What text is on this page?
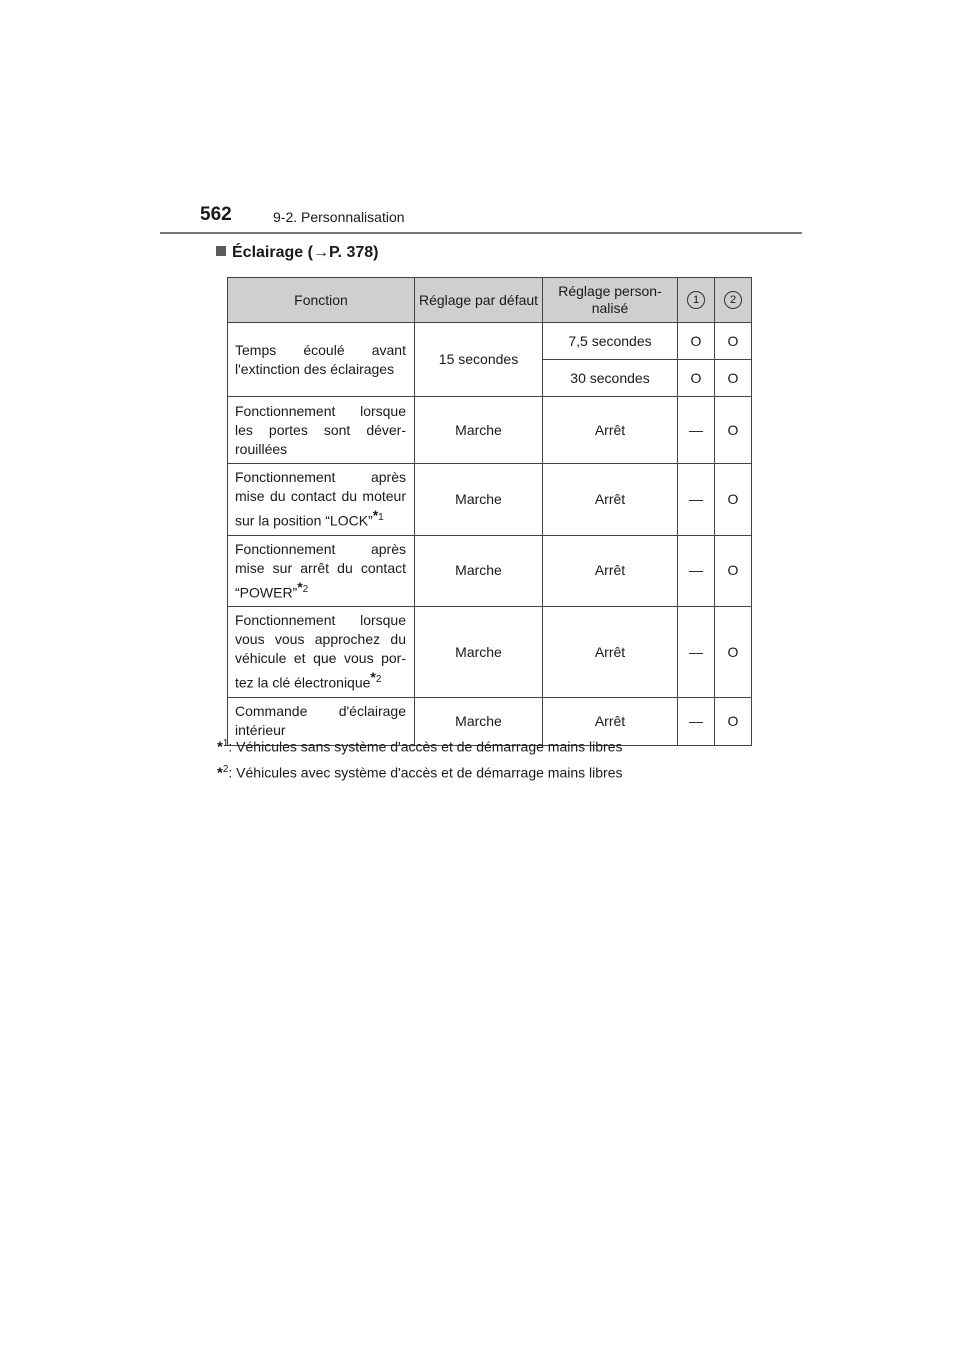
562	9-2. Personnalisation
Éclairage (→P. 378)
Fonction	Réglage par défaut	Réglage person-nalisé	1	2
Temps écoulé avant l'extinction des éclairages	15 secondes	7,5 secondes	O	O
		30 secondes	O	O
Fonctionnement lorsque les portes sont déver-rouillées	Marche	Arrêt	—	O
Fonctionnement après mise du contact du moteur sur la position “LOCK”$^{*1}$	Marche	Arrêt	—	O
Fonctionnement après mise sur arrêt du contact “POWER”$^{*2}$	Marche	Arrêt	—	O
Fonctionnement lorsque vous vous approchez du véhicule et que vous por-tez la clé électronique$^{*2}$	Marche	Arrêt	—	O
Commande d'éclairage intérieur	Marche	Arrêt	—	O
*$^1$: Véhicules sans système d'accès et de démarrage mains libres
*$^2$: Véhicules avec système d'accès et de démarrage mains libres
